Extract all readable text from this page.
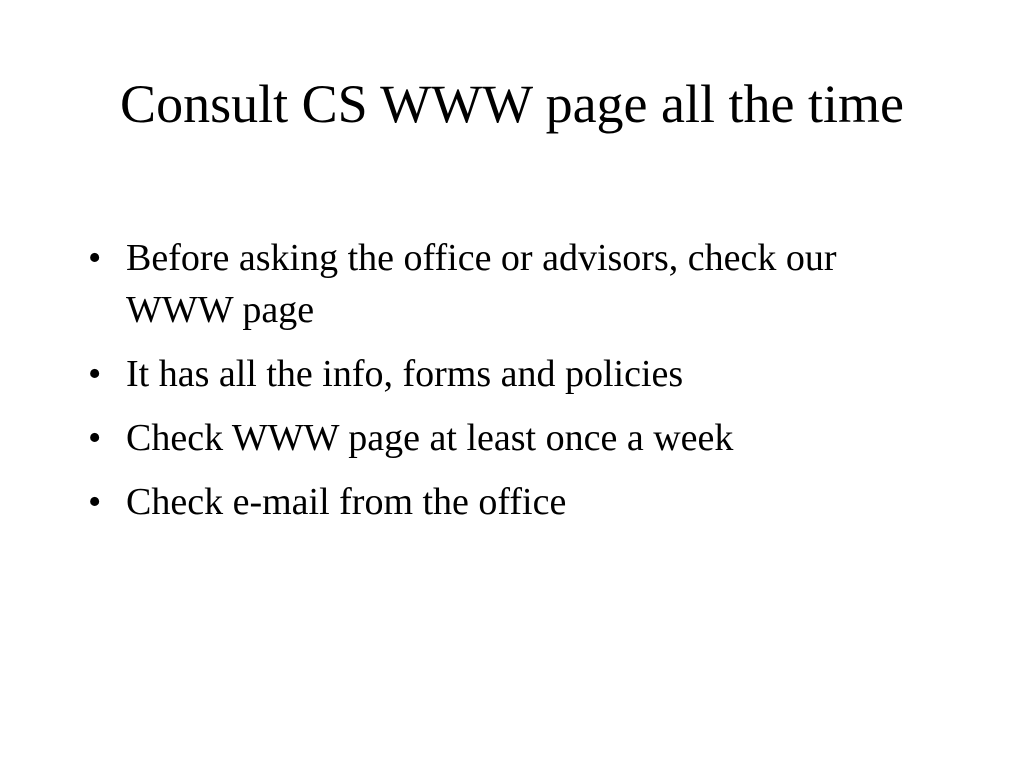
Consult CS WWW page all the time
• Before asking the office or advisors, check our WWW page
• It has all the info, forms and policies
• Check WWW page at least once a week
• Check e-mail from the office
